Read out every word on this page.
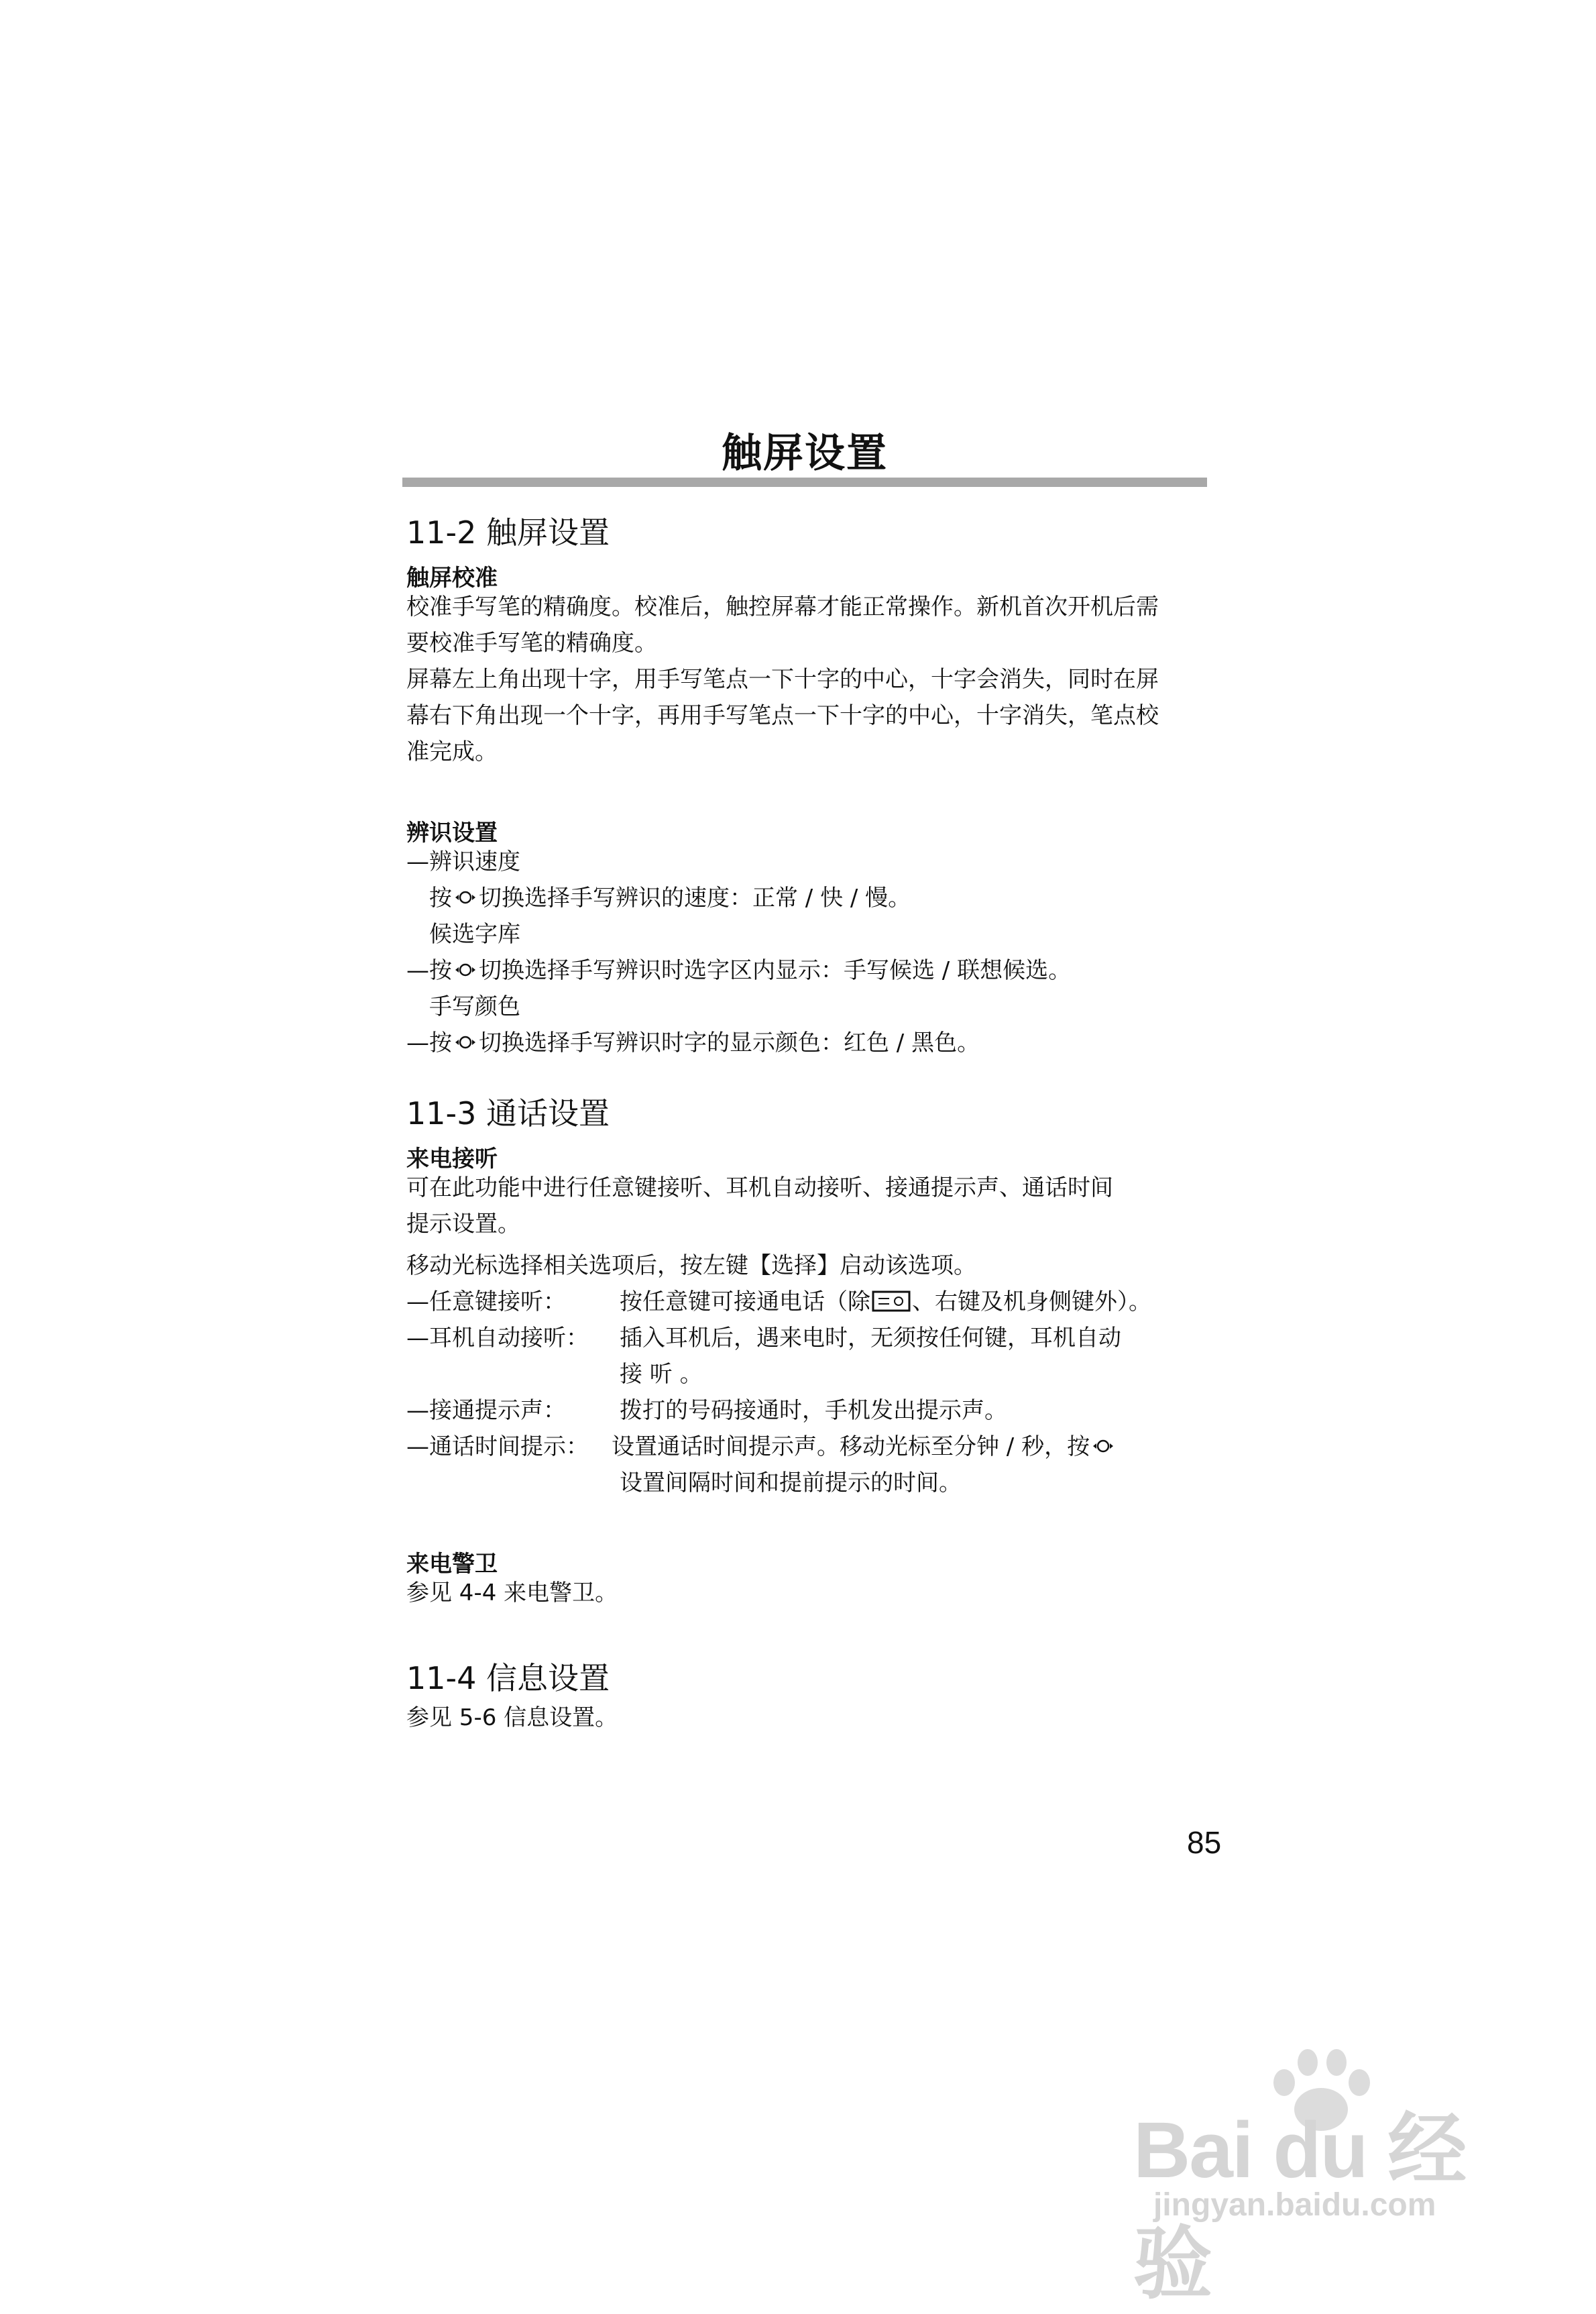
触屏设置
11-2 触屏设置
触屏校准
校准手写笔的精确度。校准后，触控屏幕才能正常操作。新机首次开机后需
要校准手写笔的精确度。
屏幕左上角出现十字，用手写笔点一下十字的中心，十字会消失，同时在屏
幕右下角出现一个十字，再用手写笔点一下十字的中心，十字消失，笔点校
准完成。
辨识设置
—辨识速度
按 切换选择手写辨识的速度：正常 / 快 / 慢。
候选字库
—按 切换选择手写辨识时选字区内显示：手写候选 / 联想候选。
手写颜色
—按 切换选择手写辨识时字的显示颜色：红色 / 黑色。
11-3 通话设置
来电接听
可在此功能中进行任意键接听、耳机自动接听、接通提示声、通话时间
提示设置。
移动光标选择相关选项后，按左键【选择】启动该选项。
—任意键接听： 按任意键可接通电话（除 、右键及机身侧键外）。
—耳机自动接听： 插入耳机后，遇来电时，无须按任何键，耳机自动
接 听 。
—接通提示声： 拨打的号码接通时，手机发出提示声。
—通话时间提示： 设置通话时间提示声。移动光标至分钟 / 秒，按
设置间隔时间和提前提示的时间。
来电警卫
参见 4-4 来电警卫。
11-4 信息设置
参见 5-6 信息设置。
85
Bai du 经验
jingyan.baidu.com
